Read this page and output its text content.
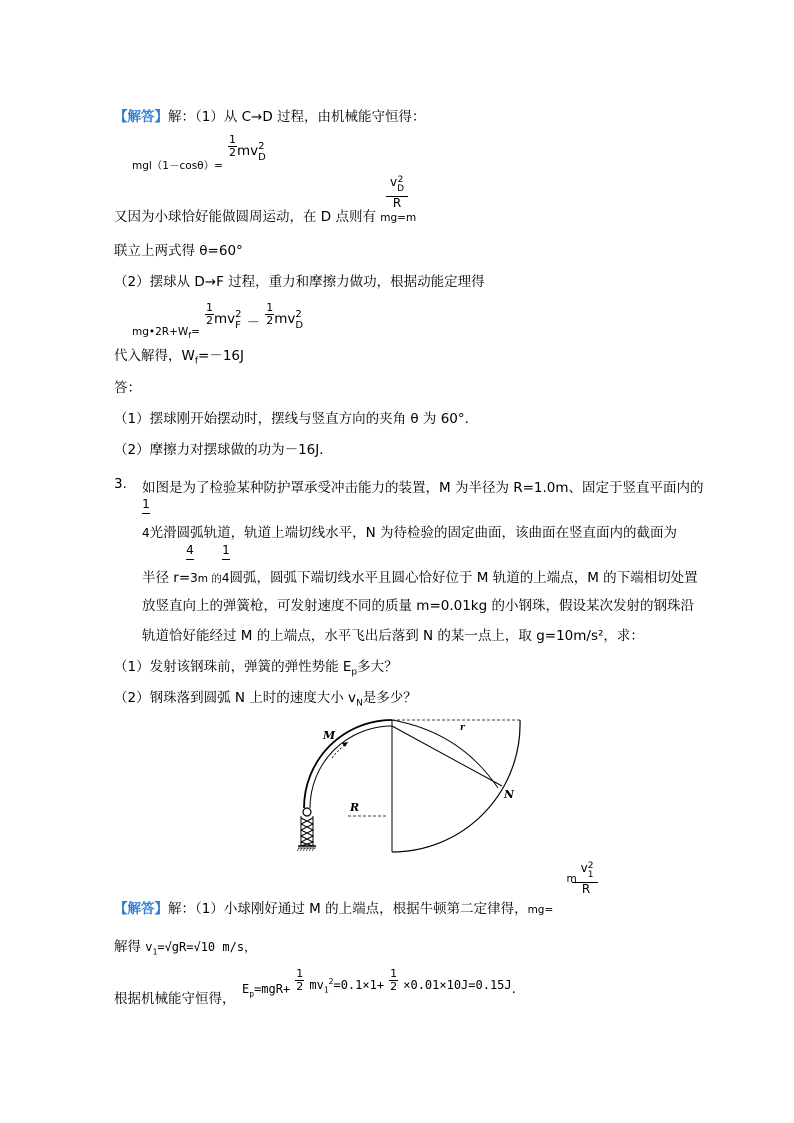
【解答】解：（1）从 C→D 过程，由机械能守恒得：
$_{mgl(1-cos\theta)=}$
$\frac{1}{2} _{mv}$ 2
D
又因为小球恰好能做圆周运动，在 D 点则有 mg=m
v 2
D
R
联立上两式得 θ=60°
（2）摆球从 D→F 过程，重力和摩擦力做功，根据动能定理得
$_{mg•2R+W_f=}$
$\frac{1}{2} _{mv}$ 2
F $_- \frac{1}{2} _{mv}$ 2
D
代入解得，$W_f=-16J$
答：
（1）摆球刚开始摆动时，摆线与竖直方向的夹角 θ 为 60°．
（2）摩擦力对摆球做的功为－16J．
3. 如图是为了检验某种防护罩承受冲击能力的装置，M 为半径为 R=1.0m、固定于竖直平面内的
1
4光滑圆弧轨道，轨道上端切线水平，N 为待检验的固定曲面，该曲面在竖直面内的截面为
4 1
半径 r=3m 的4圆弧，圆弧下端切线水平且圆心恰好位于 M 轨道的上端点，M 的下端相切处置
放竖直向上的弹簧枪，可发射速度不同的质量 m=0.01kg 的小钢珠，假设某次发射的钢珠沿
轨道恰好能经过 M 的上端点，水平飞出后落到 N 的某一点上，取 g=10m/s²，求：
（1）发射该钢珠前，弹簧的弹性势能 $E_p$多大？
（2）钢珠落到圆弧 N 上时的速度大小 $v_N$是多少？
M
N
R
r
【解答】解：（1）小球刚好通过 M 的上端点，根据牛顿第二定律得，mg=
m v 2
1
R
解得 $v_1=√gR=√10$ m/s，
根据机械能守恒得，
$_{E_p=mgR+} \frac{1}{2} _{mv_1^2=0.1\times 1+} \frac{1}{2} _{\times 0.01\times 10J=0.15J.}$
